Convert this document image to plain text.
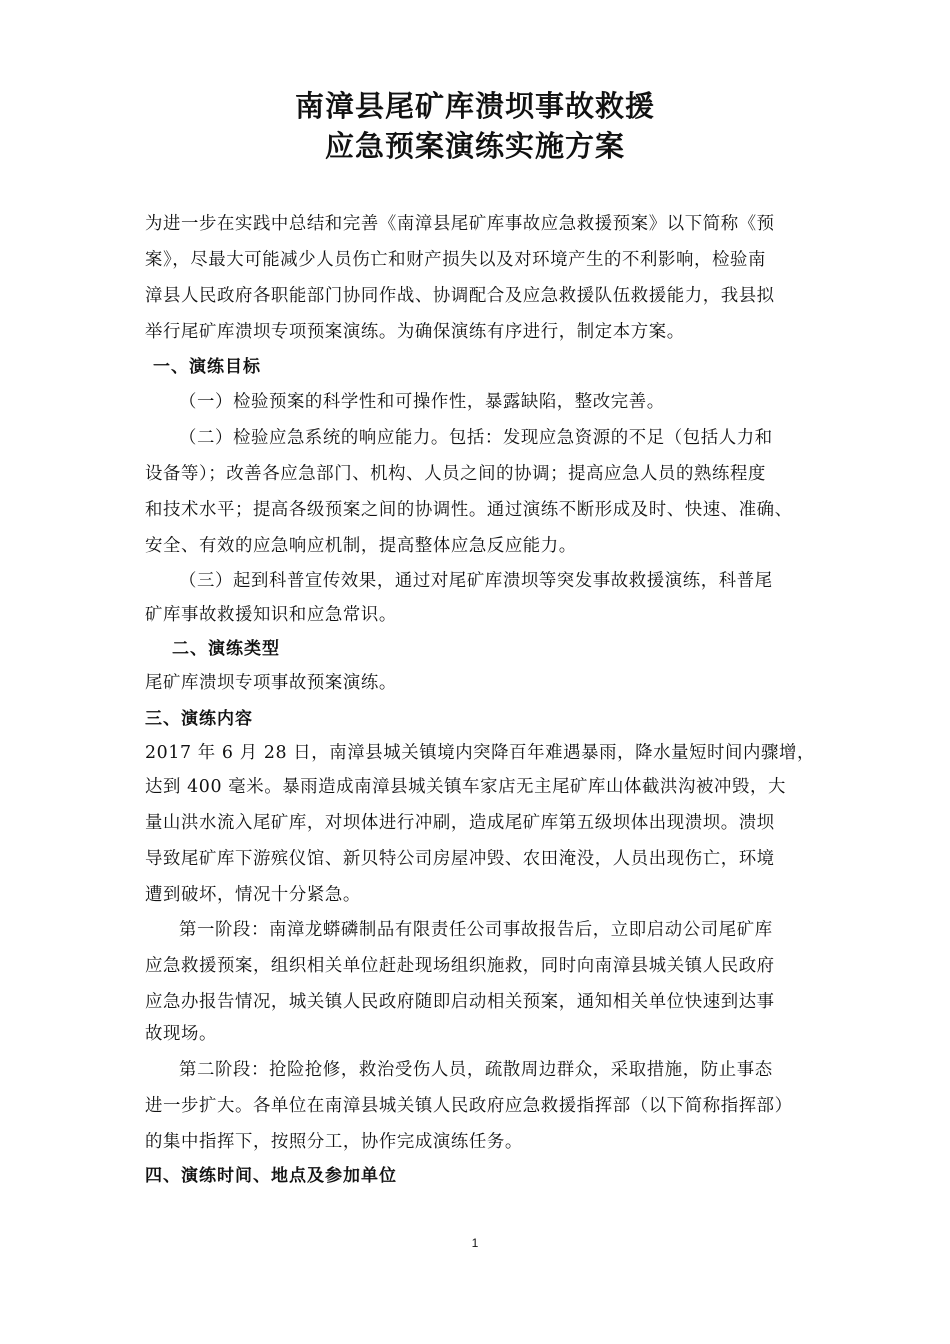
南漳县尾矿库溃坝事故救援
应急预案演练实施方案
为进一步在实践中总结和完善《南漳县尾矿库事故应急救援预案》以下简称《预
案》，尽最大可能减少人员伤亡和财产损失以及对环境产生的不利影响，检验南
漳县人民政府各职能部门协同作战、协调配合及应急救援队伍救援能力，我县拟
举行尾矿库溃坝专项预案演练。为确保演练有序进行，制定本方案。
一、演练目标
（一）检验预案的科学性和可操作性，暴露缺陷，整改完善。
（二）检验应急系统的响应能力。包括：发现应急资源的不足（包括人力和
设备等）；改善各应急部门、机构、人员之间的协调；提高应急人员的熟练程度
和技术水平；提高各级预案之间的协调性。通过演练不断形成及时、快速、准确、
安全、有效的应急响应机制，提高整体应急反应能力。
（三）起到科普宣传效果，通过对尾矿库溃坝等突发事故救援演练，科普尾
矿库事故救援知识和应急常识。
二、演练类型
尾矿库溃坝专项事故预案演练。
三、演练内容
2017 年 6 月 28 日，南漳县城关镇境内突降百年难遇暴雨，降水量短时间内骤增，
达到 400 毫米。暴雨造成南漳县城关镇车家店无主尾矿库山体截洪沟被冲毁，大
量山洪水流入尾矿库，对坝体进行冲刷，造成尾矿库第五级坝体出现溃坝。溃坝
导致尾矿库下游殡仪馆、新贝特公司房屋冲毁、农田淹没，人员出现伤亡，环境
遭到破坏，情况十分紧急。
第一阶段：南漳龙蟒磷制品有限责任公司事故报告后，立即启动公司尾矿库
应急救援预案，组织相关单位赶赴现场组织施救，同时向南漳县城关镇人民政府
应急办报告情况，城关镇人民政府随即启动相关预案，通知相关单位快速到达事
故现场。
第二阶段：抢险抢修，救治受伤人员，疏散周边群众，采取措施，防止事态
进一步扩大。各单位在南漳县城关镇人民政府应急救援指挥部（以下简称指挥部）
的集中指挥下，按照分工，协作完成演练任务。
四、演练时间、地点及参加单位
1
